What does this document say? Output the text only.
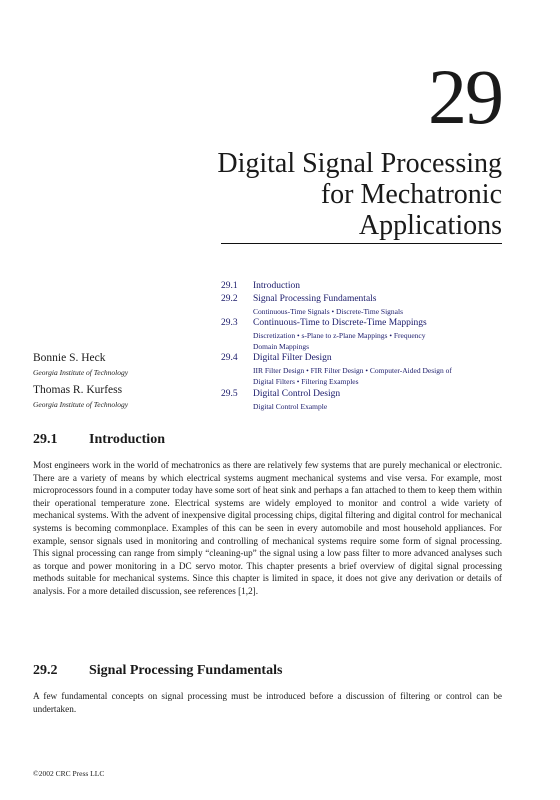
29
Digital Signal Processing
for Mechatronic
Applications
29.1 Introduction
29.2 Signal Processing Fundamentals
Continuous-Time Signals • Discrete-Time Signals
29.3 Continuous-Time to Discrete-Time Mappings
Discretization • s-Plane to z-Plane Mappings • Frequency Domain Mappings
29.4 Digital Filter Design
IIR Filter Design • FIR Filter Design • Computer-Aided Design of Digital Filters • Filtering Examples
29.5 Digital Control Design
Digital Control Example
Bonnie S. Heck
Georgia Institute of Technology
Thomas R. Kurfess
Georgia Institute of Technology
29.1 Introduction
Most engineers work in the world of mechatronics as there are relatively few systems that are purely mechanical or electronic. There are a variety of means by which electrical systems augment mechanical systems and vise versa. For example, most microprocessors found in a computer today have some sort of heat sink and perhaps a fan attached to them to keep them within their operational temperature zone. Electrical systems are widely employed to monitor and control a wide variety of mechanical systems. With the advent of inexpensive digital processing chips, digital filtering and digital control for mechanical systems is becoming commonplace. Examples of this can be seen in every automobile and most household appliances. For example, sensor signals used in monitoring and controlling of mechanical systems require some form of signal processing. This signal processing can range from simply “cleaning-up” the signal using a low pass filter to more advanced analyses such as torque and power monitoring in a DC servo motor. This chapter presents a brief overview of digital signal processing methods suitable for mechanical systems. Since this chapter is limited in space, it does not give any derivation or details of analysis. For a more detailed discussion, see references [1,2].
29.2 Signal Processing Fundamentals
A few fundamental concepts on signal processing must be introduced before a discussion of filtering or control can be undertaken.
©2002 CRC Press LLC
